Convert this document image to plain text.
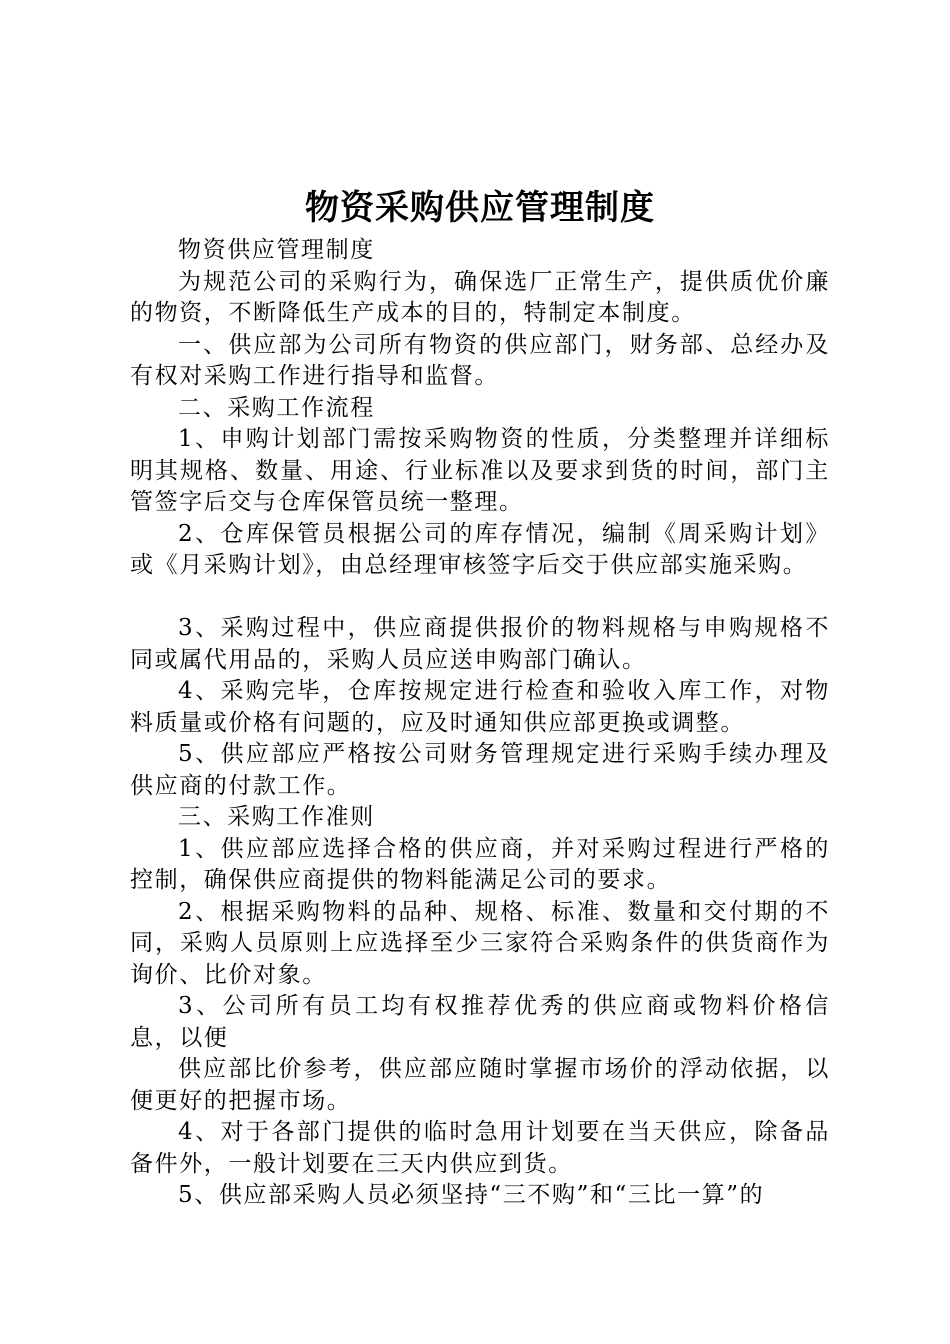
物资采购供应管理制度

物资供应管理制度

为规范公司的采购行为，确保选厂正常生产，提供质优价廉的物资，不断降低生产成本的目的，特制定本制度。

一、供应部为公司所有物资的供应部门，财务部、总经办及有权对采购工作进行指导和监督。

二、采购工作流程

1、申购计划部门需按采购物资的性质，分类整理并详细标明其规格、数量、用途、行业标准以及要求到货的时间，部门主管签字后交与仓库保管员统一整理。

2、仓库保管员根据公司的库存情况，编制《周采购计划》或《月采购计划》，由总经理审核签字后交于供应部实施采购。

3、采购过程中，供应商提供报价的物料规格与申购规格不同或属代用品的，采购人员应送申购部门确认。

4、采购完毕，仓库按规定进行检查和验收入库工作，对物料质量或价格有问题的，应及时通知供应部更换或调整。

5、供应部应严格按公司财务管理规定进行采购手续办理及供应商的付款工作。

三、采购工作准则

1、供应部应选择合格的供应商，并对采购过程进行严格的控制，确保供应商提供的物料能满足公司的要求。

2、根据采购物料的品种、规格、标准、数量和交付期的不同，采购人员原则上应选择至少三家符合采购条件的供货商作为询价、比价对象。

3、公司所有员工均有权推荐优秀的供应商或物料价格信息，以便

供应部比价参考，供应部应随时掌握市场价的浮动依据，以便更好的把握市场。

4、对于各部门提供的临时急用计划要在当天供应，除备品备件外，一般计划要在三天内供应到货。

5、供应部采购人员必须坚持“三不购”和“三比一算”的
